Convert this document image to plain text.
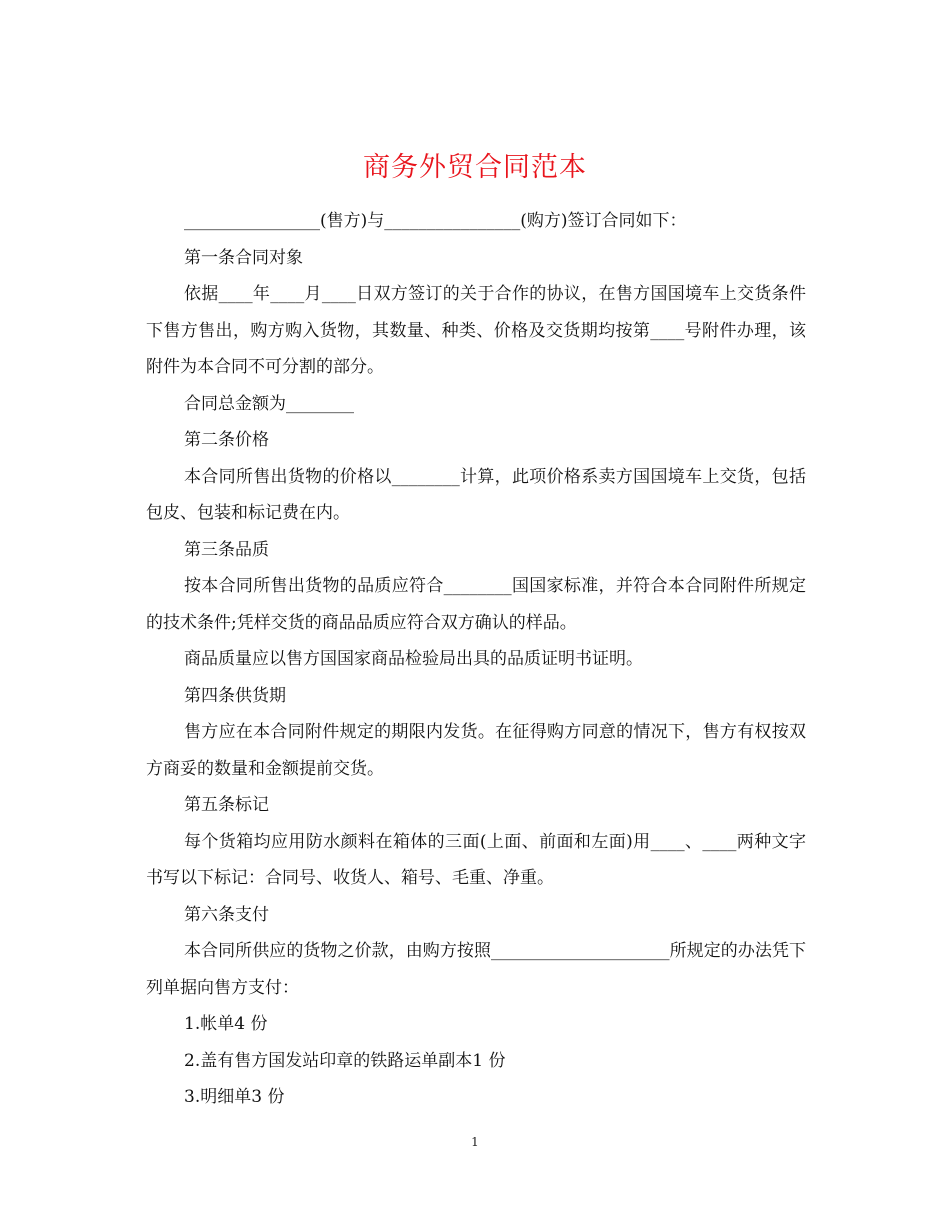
商务外贸合同范本

________________(售方)与________________(购方)签订合同如下：

第一条合同对象

依据____年____月____日双方签订的关于合作的协议，在售方国国境车上交货条件下售方售出，购方购入货物，其数量、种类、价格及交货期均按第____号附件办理，该附件为本合同不可分割的部分。

合同总金额为________

第二条价格

本合同所售出货物的价格以________计算，此项价格系卖方国国境车上交货，包括包皮、包装和标记费在内。

第三条品质

按本合同所售出货物的品质应符合________国国家标准，并符合本合同附件所规定的技术条件;凭样交货的商品品质应符合双方确认的样品。

商品质量应以售方国国家商品检验局出具的品质证明书证明。

第四条供货期

售方应在本合同附件规定的期限内发货。在征得购方同意的情况下，售方有权按双方商妥的数量和金额提前交货。

第五条标记

每个货箱均应用防水颜料在箱体的三面(上面、前面和左面)用____、____两种文字书写以下标记：合同号、收货人、箱号、毛重、净重。

第六条支付

本合同所供应的货物之价款，由购方按照_____________________所规定的办法凭下列单据向售方支付：

1.帐单4 份

2.盖有售方国发站印章的铁路运单副本1 份

3.明细单3 份

1
